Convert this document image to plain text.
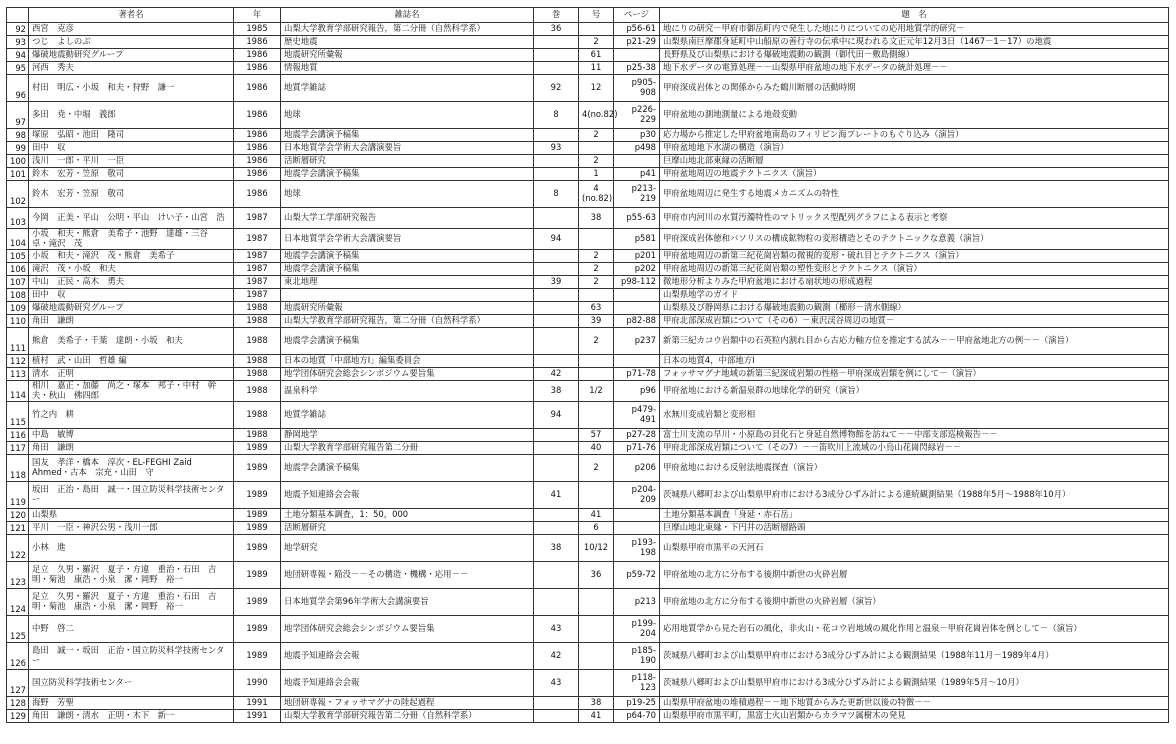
	著者名	年	雑誌名	巻	号	ページ	題　名
92	西宮　克彦	1985	山梨大学教育学部研究報告，第二分冊（自然科学系）	36		p56-61	地にりの研究－甲府市御岳町内で発生した地にりについての応用地質学的研究－
93	つじ　よしのぶ	1986	歴史地震		2	p21-29	山梨県南巨摩郡身延町中山船原の善行寺の伝承中に現われる文正元年12月3日（1467－1－17）の地震
94	爆破地震動研究グループ	1986	地震研究所彙報		61		長野県及び山梨県における爆破地震動の観測（御代田－敷島側線）
95	河西　秀夫	1986	情報地質		11	p25-38	地下水データの電算処理－－山梨県甲府盆地の地下水データの統計処理－－
96	村田　明広・小坂　和夫・狩野　謙一	1986	地質学雑誌	92	12	p905-908	甲府深成岩体との関係からみた鶴川断層の活動時期
97	多田　尭・中堀　義郎	1986	地球	8	4(no.82)	p226-229	甲府盆地の測地測量による地殻変動
98	塚原　弘昭・池田　隆司	1986	地震学会講演予稿集		2	p30	応力場から推定した甲府盆地南島のフィリピン海プレートのもぐり込み（演旨）
99	田中　収	1986	日本地質学会学術大会講演要旨	93		p498	甲府盆地地下氷湖の構造（演旨）
100	浅川　一郎・平川　一臣	1986	活断層研究		2		巨摩山地北部東縁の活断層
101	鈴木　宏芳・笠原　敬司	1986	地震学会講演予稿集		1	p41	甲府盆地周辺の地震テクトニクス（演旨）
102	鈴木　宏芳・笠原　敬司	1986	地球	8	4 (no.82)	p213-219	甲府盆地周辺に発生する地震メカニズムの特性
103	今岡　正美・平山　公明・平山　けい子・山宮　浩	1987	山梨大学工学部研究報告		38	p55-63	甲府市内河川の水質汚濁特性のマトリックス型配列グラフによる表示と考察
104	小坂　和夫・熊倉　美希子・池野　達雄・三谷　卓・滝沢　茂	1987	日本地質学会学術大会講演要旨	94		p581	甲府深成岩体徳和バソリスの構成鉱物粒の変形構造とそのテクトニックな意義（演旨）
105	小坂　和夫・滝沢　茂・熊倉　美希子	1987	地震学会講演予稿集		2	p201	甲府盆地周辺の新第三紀花崗岩類の微視的変形・破れ目とテクトニクス（演旨）
106	滝沢　茂・小坂　和夫	1987	地震学会講演予稿集		2	p202	甲府盆地周辺の新第三紀花崗岩類の塑性変形とテクトニクス（演旨）
107	中山　正民・高木　勇夫	1987	東北地理	39	2	p98-112	微地形分析よりみた甲府盆地における扇状地の形成過程
108	田中　収	1987					山梨県地学のガイド
109	爆破地震動研究グループ	1988	地震研究所彙報		63		山梨県及び静岡県における爆破地震動の観測（櫛形－清水側線）
110	角田　謙朗	1988	山梨大学教育学部研究報告，第二分冊（自然科学系）		39	p82-88	甲府北部深成岩類について（その6）－東沢渓谷周辺の地質－
111	熊倉　美希子・千葉　達朗・小坂　和夫	1988	地震学会講演予稿集		2	p237	新第三紀カコウ岩類中の石英粒内割れ目から古応力軸方位を推定する試み－－甲府盆地北方の例－－（演旨）
112	植村　武・山田　哲雄 編	1988	日本の地質「中部地方Ⅰ」編集委員会				日本の地質4，中部地方Ⅰ
113	清水　正明	1988	地学団体研究会総会シンポジウム要旨集	42		p71-78	フォッサマグナ地域の新第三紀深成岩類の性格－甲府深成岩類を例にして－（演旨）
114	相川　嘉正・加藤　尚之・塚本　邦子・中村　幹夫・秋山　佛四郎	1988	温泉科学	38	1/2	p96	甲府盆地における新温泉群の地球化学的研究（演旨）
115	竹之内　耕	1988	地質学雑誌	94		p479-491	水無川変成岩類と変形相
116	中島　敏博	1988	静岡地学		57	p27-28	富士川支流の早川・小原島の貝化石と身延自然博物館を訪ねて－－中部支部巡検報告－－
117	角田　謙朗	1989	山梨大学教育学部研究報告第二分冊		40	p71-76	甲府北部深成岩類について（その7）－－笛吹川上流域の小烏山花崗閃緑岩－－
118	国友　孝洋・橋本　淳次・EL-FEGHI Zaid Ahmed・古本　宗充・山田　守	1989	地震学会講演予稿集		2	p206	甲府盆地における反射法地震探査（演旨）
119	坂田　正治・島田　誠一・国立防災科学技術センター	1989	地震予知連絡会会報	41		p204-209	茨城県八郷町および山梨県甲府市における3成分ひずみ計による連続観測結果（1988年5月～1988年10月）
120	山梨県	1989	土地分類基本調査，1：50，000		41		土地分類基本調査「身延・赤石岳」
121	平川　一臣・神沢公男・浅川一郎	1989	活断層研究		6		巨摩山地北東縁・下円井の活断層路頭
122	小林　進	1989	地学研究	38	10/12	p193-198	山梨県甲府市黒平の天河石
123	足立　久男・羅沢　夏子・方違　重治・石田　吉明・菊池　康浩・小泉　潔・岡野　裕一	1989	地団研専報・陥没－－その構造・機構・応用－－		36	p59-72	甲府盆地の北方に分布する後期中新世の火砕岩層
124	足立　久男・羅沢　夏子・方違　重治・石田　吉明・菊池　康浩・小泉　潔・岡野　裕一	1989	日本地質学会第96年学術大会講演要旨			p213	甲府盆地の北方に分布する後期中新世の火砕岩層（演旨）
125	中野　啓二	1989	地学団体研究会総会シンポジウム要旨集	43		p199-204	応用地質学から見た岩石の風化，非火山・花コウ岩地域の風化作用と温泉－甲府花崗岩体を例として－（演旨）
126	島田　誠一・坂田　正治・国立防災科学技術センター	1989	地震予知連絡会会報	42		p185-190	茨城県八郷町および山梨県甲府市における3成分ひずみ計による観測結果（1988年11月－1989年4月）
127	国立防災科学技術センター	1990	地震予知連絡会会報	43		p118-123	茨城県八郷町および山梨県甲府市における3成分ひずみ計による観測結果（1989年5月～10月）
128	海野　芳聖	1991	地団研専報・フォッサマグナの陸起過程		38	p19-25	山梨県甲府盆地の堆積過程－－地下地質からみた更新世以後の特徴－－
129	角田　謙朗・清水　正明・木下　新一	1991	山梨大学教育学部研究報告第二分冊（自然科学系）		41	p64-70	山梨県甲府市黒平町，黒富士火山岩類からカラマツ属樹木の発見
